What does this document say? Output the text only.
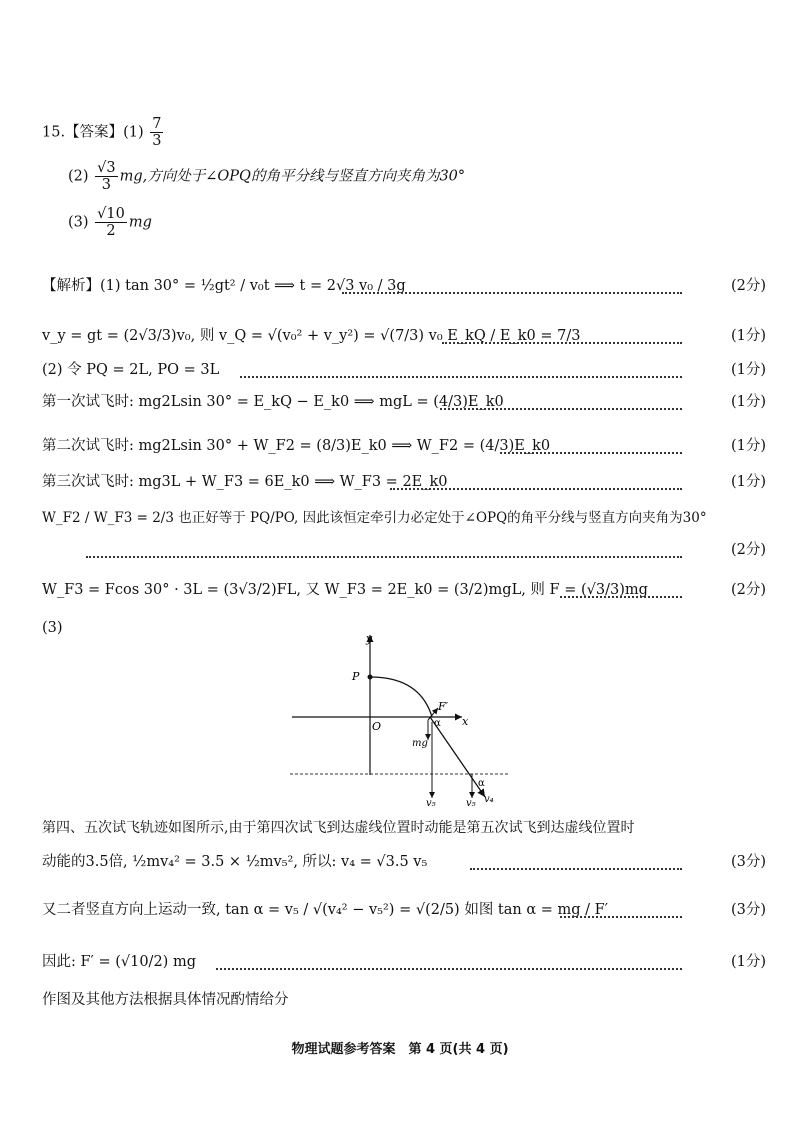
15.【答案】$(1) \frac{7}{3}$
$(2) \frac{√3}{3}$ mg,方向处于∠OPQ的角平分线与竖直方向夹角为30°
$(3) \frac{√10}{2}$ mg
【解析】(1) tan 30° = ½gt² / v₀t ⟹ t = 2√3 v₀ / 3g	(2分)
v_y = gt = (2√3/3)v₀, 则 v_Q = √(v₀² + v_y²) = √(7/3) v₀ E_kQ / E_k0 = 7/3	(1分)
(2) 令 PQ = 2L, PO = 3L	(1分)
第一次试飞时: mg2Lsin 30° = E_kQ − E_k0 ⟹ mgL = (4/3)E_k0	(1分)
第二次试飞时: mg2Lsin 30° + W_F2 = (8/3)E_k0 ⟹ W_F2 = (4/3)E_k0	(1分)
第三次试飞时: mg3L + W_F3 = 6E_k0 ⟹ W_F3 = 2E_k0	(1分)
W_F2 / W_F3 = 2/3 也正好等于 PQ/PO, 因此该恒定牵引力必定处于∠OPQ的角平分线与竖直方向夹角为30°
(2分)
W_F3 = Fcos 30° · 3L = (3√3/2)FL, 又 W_F3 = 2E_k0 = (3/2)mgL, 则 F = (√3/3)mg	(2分)
(3)
y
x
P
O
F′
α
mg
v₅	v₅ v₄
α
第四、五次试飞轨迹如图所示,由于第四次试飞到达虚线位置时动能是第五次试飞到达虚线位置时
动能的3.5倍, ½mv₄² = 3.5 × ½mv₅², 所以: v₄ = √3.5 v₅	(3分)
又二者竖直方向上运动一致, tan α = v₅ / √(v₄² − v₅²) = √(2/5) 如图 tan α = mg / F′	(3分)
因此: F′ = (√10/2) mg	(1分)
作图及其他方法根据具体情况酌情给分
物理试题参考答案　第 4 页(共 4 页)
